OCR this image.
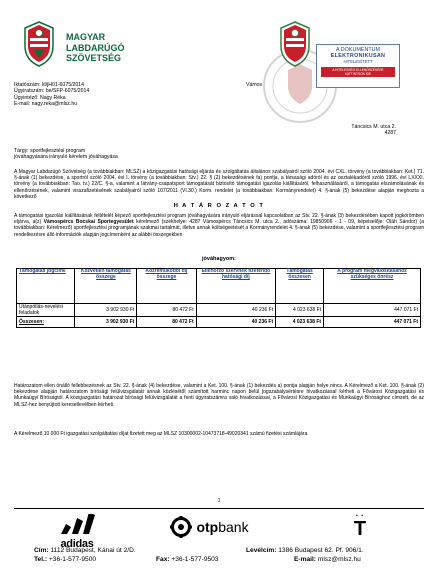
MAGYAR
LABDARÚGÓ
SZÖVETSÉG
A DOKUMENTUM
ELEKTRONIKUSAN
HITELESÍTETT
A HITELESSÉG ELLENŐRZÉSÉRE KATTINTSON IDE
Iktatószám: kl/jH01-6075/2014
Ügyiratszám: be/SFP-6075/2014
Ügyintéző: Nagy Réka
E-mail: nagy.reka@mlsz.hu
Vámos
Táncsics M. utca 2.
4287
Tárgy: sportfejlesztési program
jóváhagyására irányuló kérelem jóváhagyása
A Magyar Labdarúgó Szövetség (a továbbiakban: MLSZ) a közigazgatási hatósági eljárás és szolgáltatás általános szabályairól szóló 2004. évi CXL. törvény (a továbbiakban: Ket.) 71. §-ának (1) bekezdése, a sportról szóló 2004. évi I. törvény (a továbbiakban: Stv.) 22. § (2) bekezdésének fa) pontja, a társasági adóról és az osztalékadóról szóló 1996. évi LXXXI. törvény (a továbbiakban: Tao. tv.) 22/C. §-a, valamint a látvány-csapatsport támogatását biztosító támogatási igazolás kiállításáról, felhasználásáról, a támogatás elszámolásának és ellenőrzésének, valamint visszafizetésének szabályairól szóló 107/2011 (VI.30.) Korm. rendelet (a továbbiakban: Kormányrendelet) 4. §-ának (5) bekezdése alapján meghozta a következő
H A T Á R O Z A T O T
A támogatási igazolás kiállításának feltételét képező sportfejlesztési program jóváhagyására irányuló eljárással kapcsolatban az Stv. 22. §-ának (3) bekezdésében kapott jogkörömben eljárva, a(z) Vámospércs Bocskai Sportegyesület kérelmező (székhelye: 4287 Vámospércs Táncsics M. utca 2., adószáma: 19850906 - 1 - 09, képviselője: Oláh Sándor) (a továbbiakban: Kérelmező) sportfejlesztési programjának szakmai tartalmát, illetve annak költségvetését a Kormányrendelet 4. §-ának (5) bekezdése, valamint a sportfejlesztési program rendelkezésre álló információk alapján jogcímenként az alábbi összegekben
jóváhagyom:
Támogatás jogcíme	Közvetlen támogatás összege	Közreműködői díj összege	Ellenőrző szervnek fizetendő hatósági díj	Támogatás összesen	A program megvalósításához szükséges önrész
Utánpótlás-nevelési feladatok	3 902 930 Ft	80 472 Ft	40 236 Ft	4 023 638 Ft	447 071 Ft
Összesen:	3 902 930 Ft	80 472 Ft	40 236 Ft	4 023 638 Ft	447 071 Ft
Határozatom ellen önálló fellebbezésnek az Stv. 22. §-ának (4) bekezdése, valamint a Ket. 100. §-ának (1) bekezdés a) pontja alapján helye nincs. A Kérelmező a Ket. 100. §-ának (2) bekezdése alapján határozatom bírósági felülvizsgálatát annak közlésétől számított harminc napon belül jogszabálysértésre hivatkozással kérheti a Fővárosi Közigazgatási és Munkaügyi Bíróságtól. A közigazgatási határozat bírósági felülvizsgálatát a fenti ügyiratszámra való hivatkozással, a Fővárosi Közigazgatási és Munkaügyi Bírósághoz címzett, de az MLSZ-hez benyújtott keresetlevélben kérheti.
A Kérelmező 10 000 Ft igazgatási szolgáltatási díjat fizetett meg az MLSZ 10300002-10473718-49020341 számú fizetési számlájára.
1
adidas
otpbank
▪ ▪
T
Cím: 1112 Budapest, Kánai út 2/D.	Levélcím: 1386 Budapest 62. Pf. 906/1.
Tel.: +36-1-577-9500	Fax: +36-1-577-9503	E-mail: mlsz@mlsz.hu
